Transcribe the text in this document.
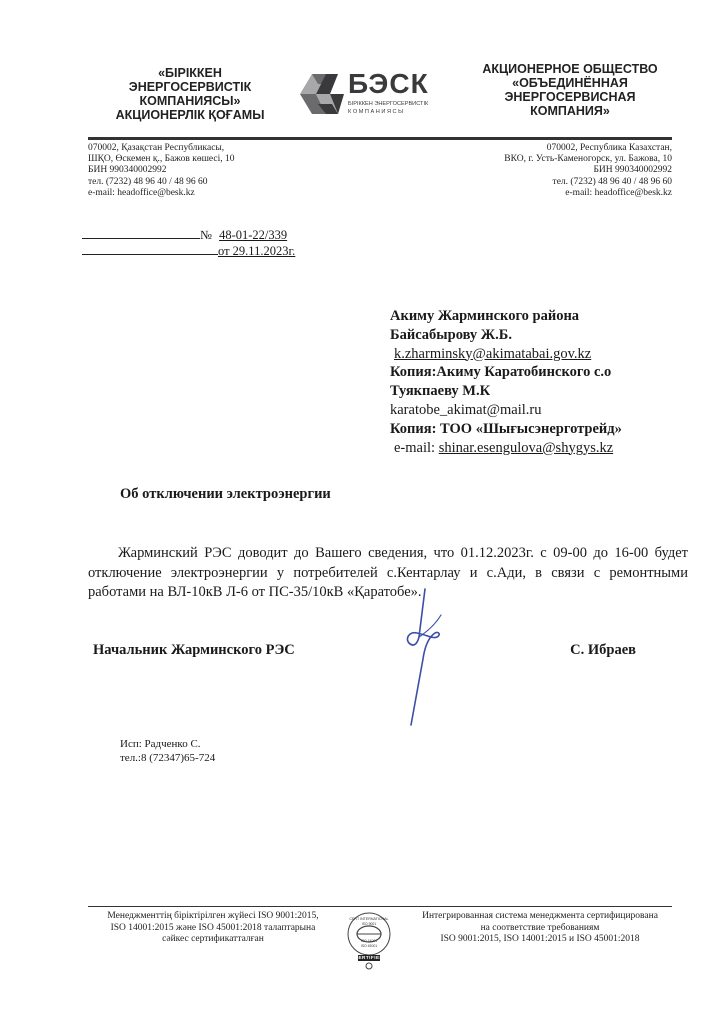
«БІРІККЕН
ЭНЕРГОСЕРВИСТІК
КОМПАНИЯСЫ»
АКЦИОНЕРЛІК ҚОҒАМЫ
БЭСК
БІРІККЕН ЭНЕРГОСЕРВИСТІК
К О М П А Н И Я С Ы
АКЦИОНЕРНОЕ ОБЩЕСТВО
«ОБЪЕДИНЁННАЯ
ЭНЕРГОСЕРВИСНАЯ
КОМПАНИЯ»
070002, Қазақстан Республикасы,
ШҚО, Өскемен қ., Бажов көшесі, 10
БИН 990340002992
тел. (7232) 48 96 40 / 48 96 60
e-mail: headoffice@besk.kz
070002, Республика Казахстан,
ВКО, г. Усть-Каменогорск, ул. Бажова, 10
БИН 990340002992
тел. (7232) 48 96 40 / 48 96 60
e-mail: headoffice@besk.kz
№ 48-01-22/339
от 29.11.2023г.
Акиму Жарминского района
Байсабырову Ж.Б.
k.zharminsky@akimatabai.gov.kz
Копия:Акиму Каратобинского с.о
Туякпаеву М.К
karatobe_akimat@mail.ru
Копия: ТОО «Шығысэнерготрейд»
e-mail: shinar.esengulova@shygys.kz
Об отключении электроэнергии
Жарминский РЭС доводит до Вашего сведения, что 01.12.2023г. с 09-00 до 16-00 будет отключение электроэнергии у потребителей с.Кентарлау и с.Ади, в связи с ремонтными работами на ВЛ-10кВ Л-6 от ПС-35/10кВ «Қаратобе».
Начальник Жарминского РЭС	С. Ибраев
Исп: Радченко С.
тел.:8 (72347)65-724
Менеджменттің біріктірілген жүйесі ISO 9001:2015,
ISO 14001:2015 және ISO 45001:2018 талаптарына
сәйкес сертификатталған
CERT INTERNATIONAL
ISO 9001
ISO 14001
ISO 45001
CERTIFIED
Интегрированная система менеджмента сертифицирована
на соответствие требованиям
ISO 9001:2015, ISO 14001:2015 и ISO 45001:2018
